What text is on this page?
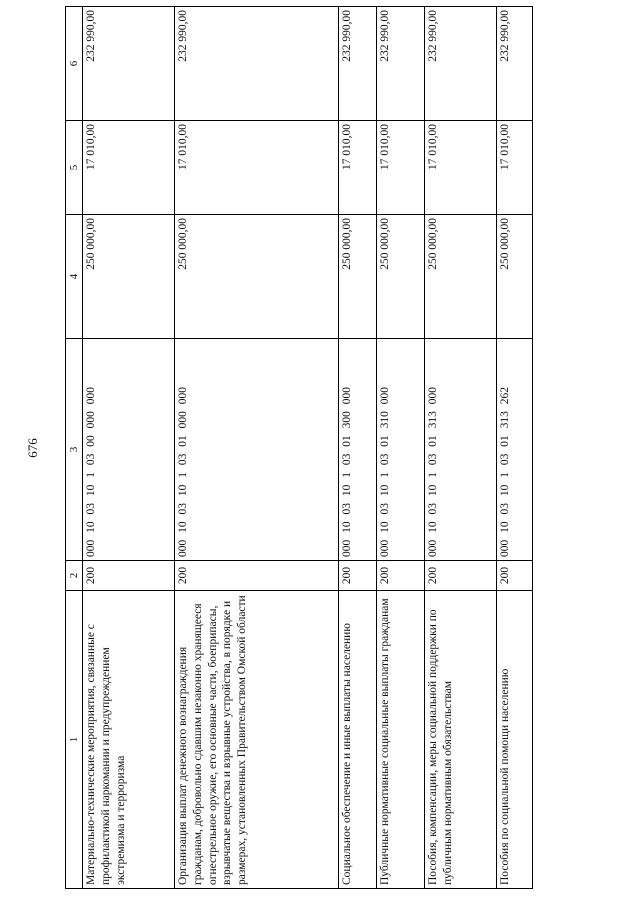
676
1	2	3	4	5	6
Материально-технические мероприятия, связанные с профилактикой наркомании и предупреждением экстремизма и терроризма	200	000 10 03 10 1 03 00 000 000	250 000,00	17 010,00	232 990,00
Организация выплат денежного вознаграждения гражданам, добровольно сдавшим незаконно хранящееся огнестрельное оружие, его основные части, боеприпасы, взрывчатые вещества и взрывные устройства, в порядке и размерах, установленных Правительством Омской области	200	000 10 03 10 1 03 01 000 000	250 000,00	17 010,00	232 990,00
Социальное обеспечение и иные выплаты населению	200	000 10 03 10 1 03 01 300 000	250 000,00	17 010,00	232 990,00
Публичные нормативные социальные выплаты гражданам	200	000 10 03 10 1 03 01 310 000	250 000,00	17 010,00	232 990,00
Пособия, компенсации, меры социальной поддержки по публичным нормативным обязательствам	200	000 10 03 10 1 03 01 313 000	250 000,00	17 010,00	232 990,00
Пособия по социальной помощи населению	200	000 10 03 10 1 03 01 313 262	250 000,00	17 010,00	232 990,00
